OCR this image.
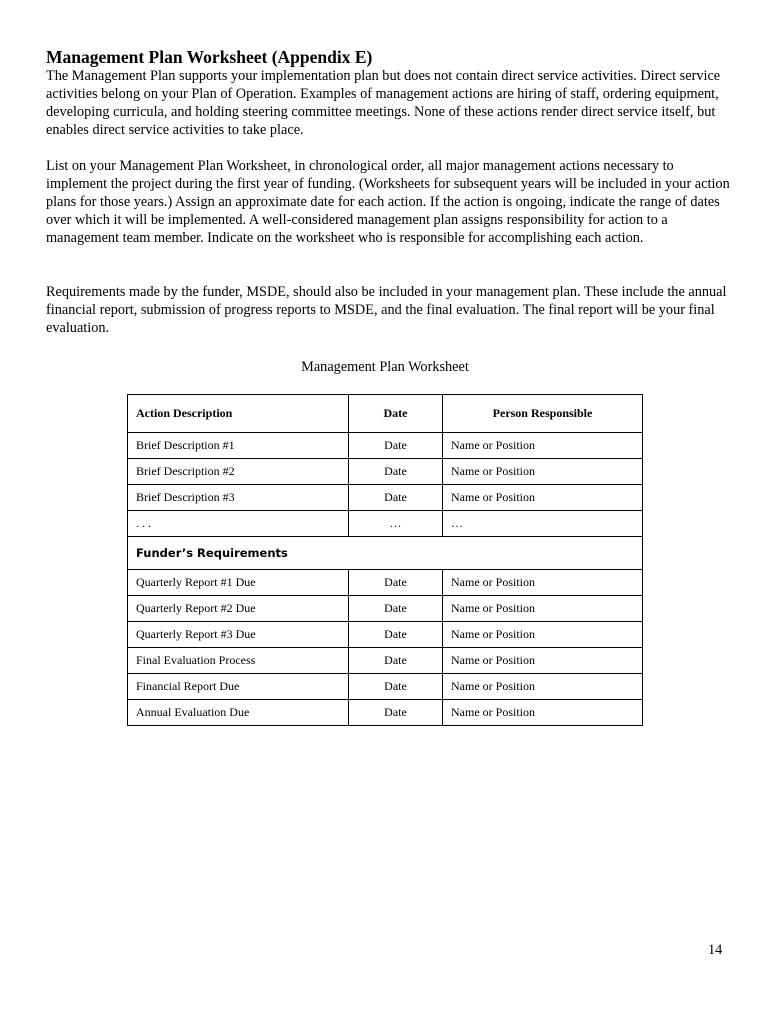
Management Plan Worksheet (Appendix E)

The Management Plan supports your implementation plan but does not contain direct service activities. Direct service activities belong on your Plan of Operation. Examples of management actions are hiring of staff, ordering equipment, developing curricula, and holding steering committee meetings. None of these actions render direct service itself, but enables direct service activities to take place.

List on your Management Plan Worksheet, in chronological order, all major management actions necessary to implement the project during the first year of funding. (Worksheets for subsequent years will be included in your action plans for those years.) Assign an approximate date for each action. If the action is ongoing, indicate the range of dates over which it will be implemented. A well-considered management plan assigns responsibility for action to a management team member. Indicate on the worksheet who is responsible for accomplishing each action.

Requirements made by the funder, MSDE, should also be included in your management plan. These include the annual financial report, submission of progress reports to MSDE, and the final evaluation. The final report will be your final evaluation.

Management Plan Worksheet
Action Description	Date	Person Responsible
Brief Description #1	Date	Name or Position
Brief Description #2	Date	Name or Position
Brief Description #3	Date	Name or Position
. . .	…	…
Funder’s Requirements		
Quarterly Report #1 Due	Date	Name or Position
Quarterly Report #2 Due	Date	Name or Position
Quarterly Report #3 Due	Date	Name or Position
Final Evaluation Process	Date	Name or Position
Financial Report Due	Date	Name or Position
Annual Evaluation Due	Date	Name or Position
14
